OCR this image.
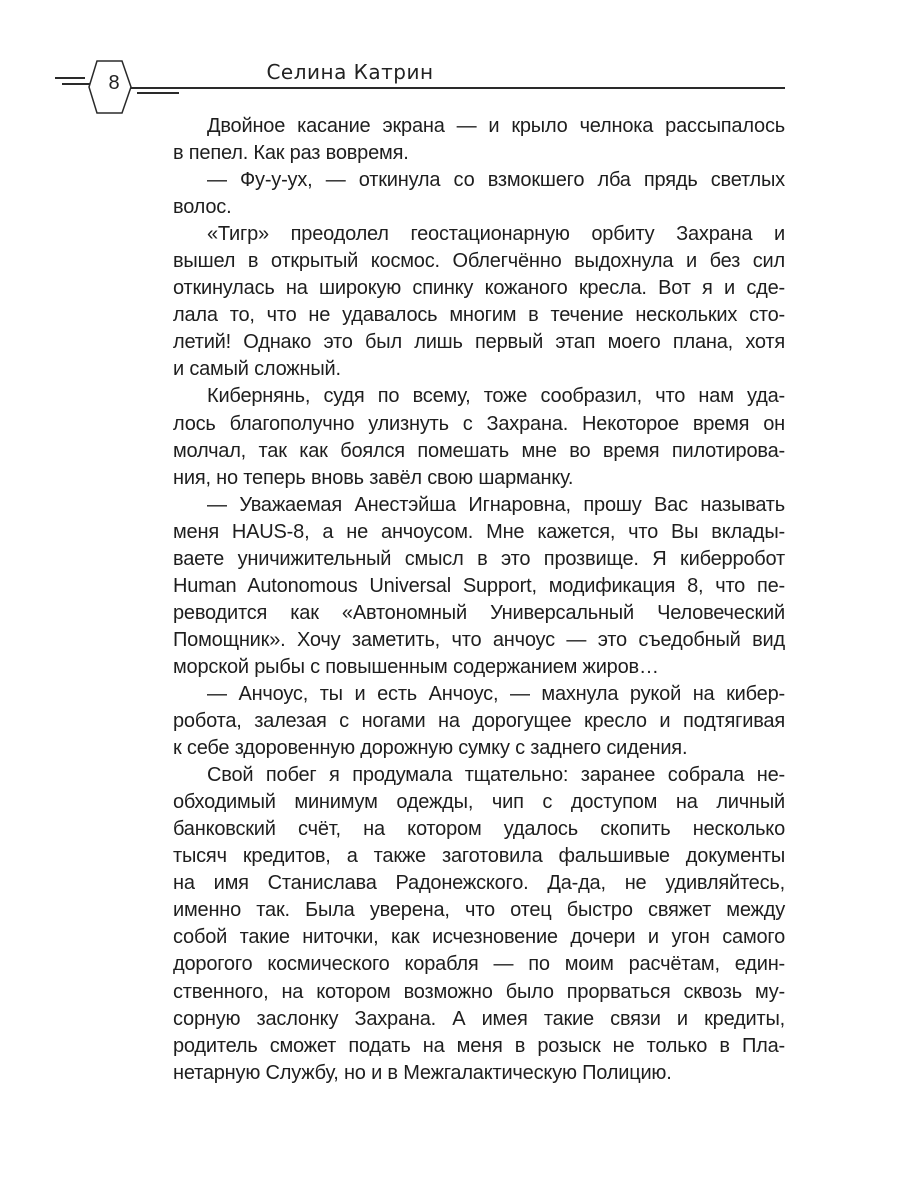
8	Селина Катрин
Двойное касание экрана — и крыло челнока рассыпалось
в пепел. Как раз вовремя.
— Фу-у-ух, — откинула со взмокшего лба прядь светлых
волос.
«Тигр» преодолел геостационарную орбиту Захрана и
вышел в открытый космос. Облегчённо выдохнула и без сил
откинулась на широкую спинку кожаного кресла. Вот я и сде-
лала то, что не удавалось многим в течение нескольких сто-
летий! Однако это был лишь первый этап моего плана, хотя
и самый сложный.
Кибернянь, судя по всему, тоже сообразил, что нам уда-
лось благополучно улизнуть с Захрана. Некоторое время он
молчал, так как боялся помешать мне во время пилотирова-
ния, но теперь вновь завёл свою шарманку.
— Уважаемая Анестэйша Игнаровна, прошу Вас называть
меня HAUS-8, а не анчоусом. Мне кажется, что Вы вклады-
ваете уничижительный смысл в это прозвище. Я киберробот
Human Autonomous Universal Support, модификация 8, что пе-
реводится как «Автономный Универсальный Человеческий
Помощник». Хочу заметить, что анчоус — это съедобный вид
морской рыбы с повышенным содержанием жиров…
— Анчоус, ты и есть Анчоус, — махнула рукой на кибер-
робота, залезая с ногами на дорогущее кресло и подтягивая
к себе здоровенную дорожную сумку с заднего сидения.
Свой побег я продумала тщательно: заранее собрала не-
обходимый минимум одежды, чип с доступом на личный
банковский счёт, на котором удалось скопить несколько
тысяч кредитов, а также заготовила фальшивые документы
на имя Станислава Радонежского. Да-да, не удивляйтесь,
именно так. Была уверена, что отец быстро свяжет между
собой такие ниточки, как исчезновение дочери и угон самого
дорогого космического корабля — по моим расчётам, един-
ственного, на котором возможно было прорваться сквозь му-
сорную заслонку Захрана. А имея такие связи и кредиты,
родитель сможет подать на меня в розыск не только в Пла-
нетарную Службу, но и в Межгалактическую Полицию.
